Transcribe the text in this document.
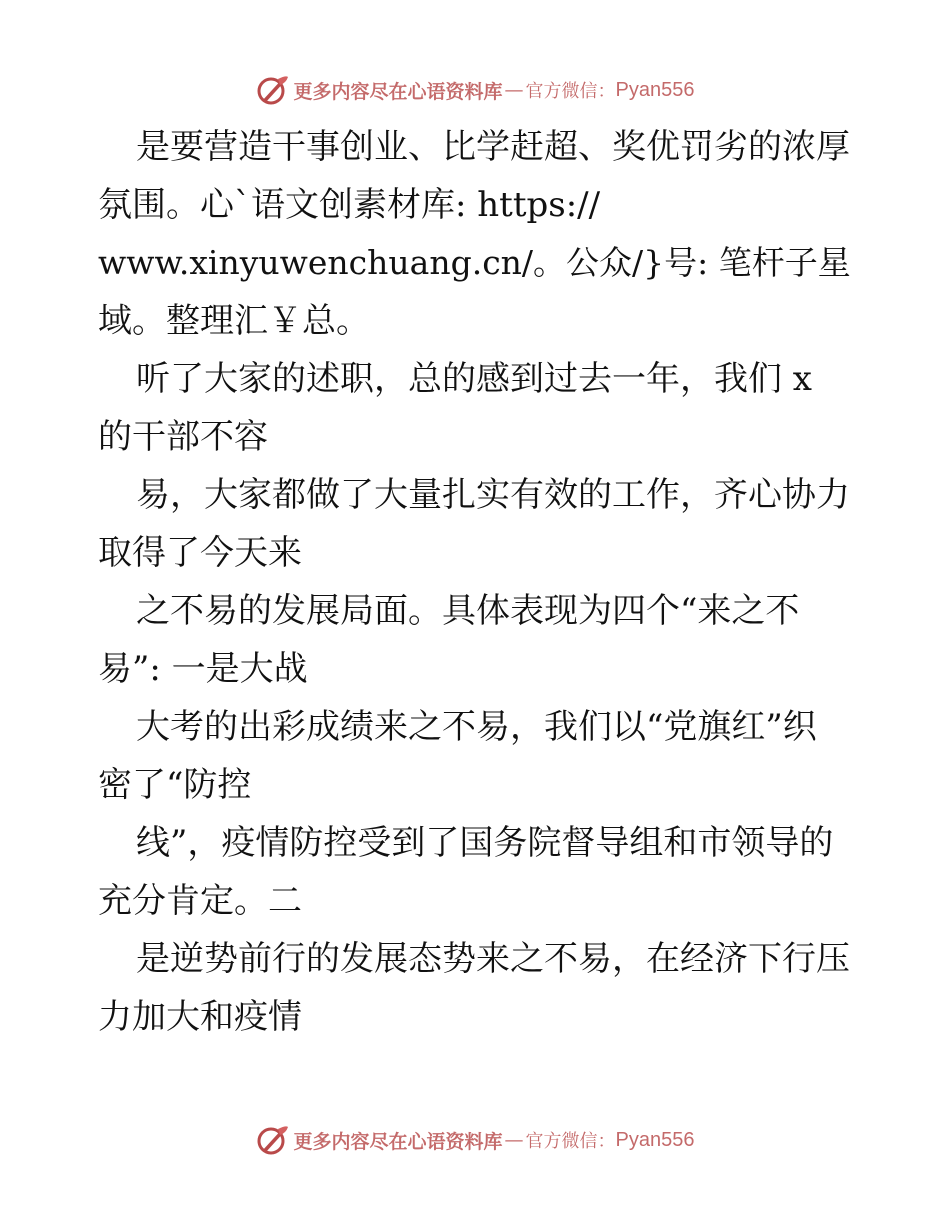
更多内容尽在心语资料库 — 官方微信： Pyan556
是要营造干事创业、比学赶超、奖优罚劣的浓厚
氛围。心`语文创素材库: https://
www.xinyuwenchuang.cn/。公众/}号: 笔杆子星
域。整理汇￥总。
听了大家的述职，总的感到过去一年，我们 x
的干部不容
易，大家都做了大量扎实有效的工作，齐心协力
取得了今天来
之不易的发展局面。具体表现为四个“来之不
易”: 一是大战
大考的出彩成绩来之不易，我们以“党旗红”织
密了“防控
线”，疫情防控受到了国务院督导组和市领导的
充分肯定。二
是逆势前行的发展态势来之不易，在经济下行压
力加大和疫情
更多内容尽在心语资料库 — 官方微信： Pyan556
